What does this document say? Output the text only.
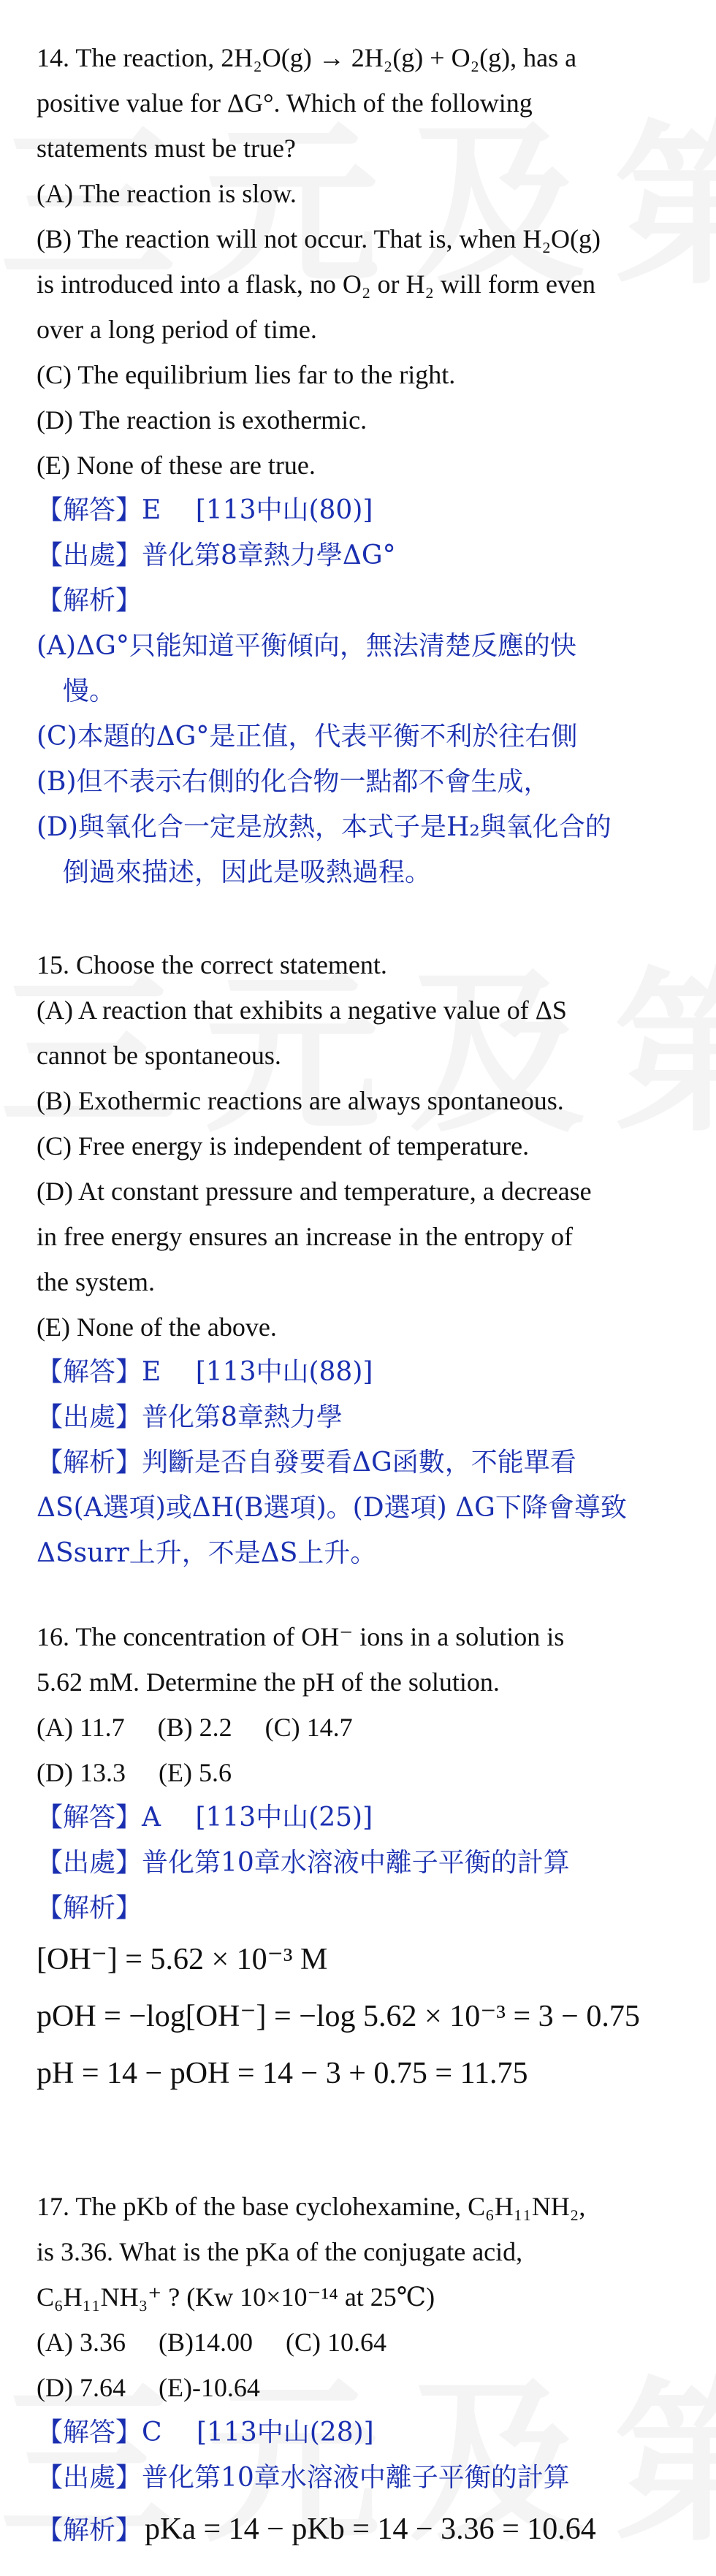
14. The reaction, 2H₂O(g) → 2H₂(g) + O₂(g), has a
positive value for ΔG°. Which of the following
statements must be true?
(A) The reaction is slow.
(B) The reaction will not occur. That is, when H₂O(g)
is introduced into a flask, no O₂ or H₂ will form even
over a long period of time.
(C) The equilibrium lies far to the right.
(D) The reaction is exothermic.
(E) None of these are true.
【解答】E　 [113中山(80)]
【出處】普化第8章熱力學ΔG°
【解析】
(A)ΔG°只能知道平衡傾向，無法清楚反應的快
慢。
(C)本題的ΔG°是正值，代表平衡不利於往右側
(B)但不表示右側的化合物一點都不會生成，
(D)與氧化合一定是放熱，本式子是H₂與氧化合的
倒過來描述，因此是吸熱過程。
15. Choose the correct statement.
(A) A reaction that exhibits a negative value of ΔS
cannot be spontaneous.
(B) Exothermic reactions are always spontaneous.
(C) Free energy is independent of temperature.
(D) At constant pressure and temperature, a decrease
in free energy ensures an increase in the entropy of
the system.
(E) None of the above.
【解答】E　 [113中山(88)]
【出處】普化第8章熱力學
【解析】判斷是否自發要看ΔG函數，不能單看
ΔS(A選項)或ΔH(B選項)。(D選項) ΔG下降會導致
ΔSsurr上升，不是ΔS上升。
16. The concentration of OH⁻ ions in a solution is
5.62 mM. Determine the pH of the solution.
(A) 11.7　 (B) 2.2　 (C) 14.7
(D) 13.3　 (E) 5.6
【解答】A　 [113中山(25)]
【出處】普化第10章水溶液中離子平衡的計算
【解析】
[OH⁻] = 5.62 × 10⁻³ M
pOH = −log[OH⁻] = −log 5.62 × 10⁻³ = 3 − 0.75
pH = 14 − pOH = 14 − 3 + 0.75 = 11.75
17. The pKb of the base cyclohexamine, C₆H₁₁NH₂,
is 3.36. What is the pKa of the conjugate acid,
C₆H₁₁NH₃⁺ ? (Kw 10×10⁻¹⁴ at 25℃)
(A) 3.36　 (B)14.00　 (C) 10.64
(D) 7.64　 (E)-10.64
【解答】C　 [113中山(28)]
【出處】普化第10章水溶液中離子平衡的計算
【解析】 pKa = 14 − pKb = 14 − 3.36 = 10.64
